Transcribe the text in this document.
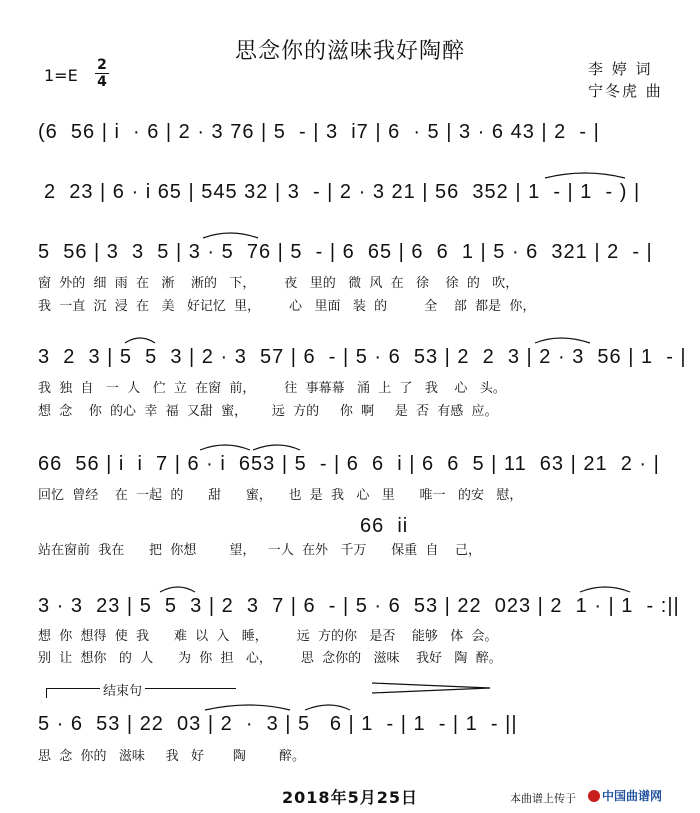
思念你的滋味我好陶醉
1=E
2
4
李 婷 词
宁冬虎 曲
(6  56 | i  · 6 | 2 · 3 76 | 5  - | 3  i7 | 6  · 5 | 3 · 6 43 | 2  - |
2  23 | 6 · i 65 | 545 32 | 3  - | 2 · 3 21 | 56  352 | 1  - | 1  - ) |
5  56 | 3  3  5 | 3 · 5  76 | 5  - | 6  65 | 6  6  1 | 5 · 6  321 | 2  - |
窗  外的  细  雨  在   淅    淅的   下，       夜   里的   微  风  在   徐    徐  的   吹，
我  一直  沉  浸  在   美   好记忆  里，       心   里面   装  的         全    部  都是  你，
3  2  3 | 5  5  3 | 2 · 3  57 | 6  - | 5 · 6  53 | 2  2  3 | 2 · 3  56 | 1  - |
我  独  自   一  人   伫  立  在窗  前，       往  事幕幕   涌  上  了   我    心   头。
想  念    你  的心  幸  福  又甜  蜜，      远  方的     你  啊     是  否  有感  应。
66  56 | i  i  7 | 6 · i  653 | 5  - | 6  6  i | 6  6  5 | 11  63 | 21  2 · |
回忆  曾经    在  一起  的      甜      蜜，    也  是  我   心   里      唯一   的安   慰，
66  ii
站在窗前  我在      把  你想        望，   一人  在外   千万      保重  自    己，
3 · 3  23 | 5  5  3 | 2  3  7 | 6  - | 5 · 6  53 | 22  023 | 2  1 · | 1  - :||
想  你  想得  使  我      难  以  入   睡，       远  方的你   是否    能够   体  会。
别  让  想你   的  人      为  你  担   心，       思  念你的   滋味    我好   陶  醉。
结束句
5 · 6  53 | 22  03 | 2  ·  3 | 5   6 | 1  - | 1  - | 1  - ||
思  念  你的   滋味     我   好       陶        醉。
2018年5月25日	本曲谱上传于	中国曲谱网
